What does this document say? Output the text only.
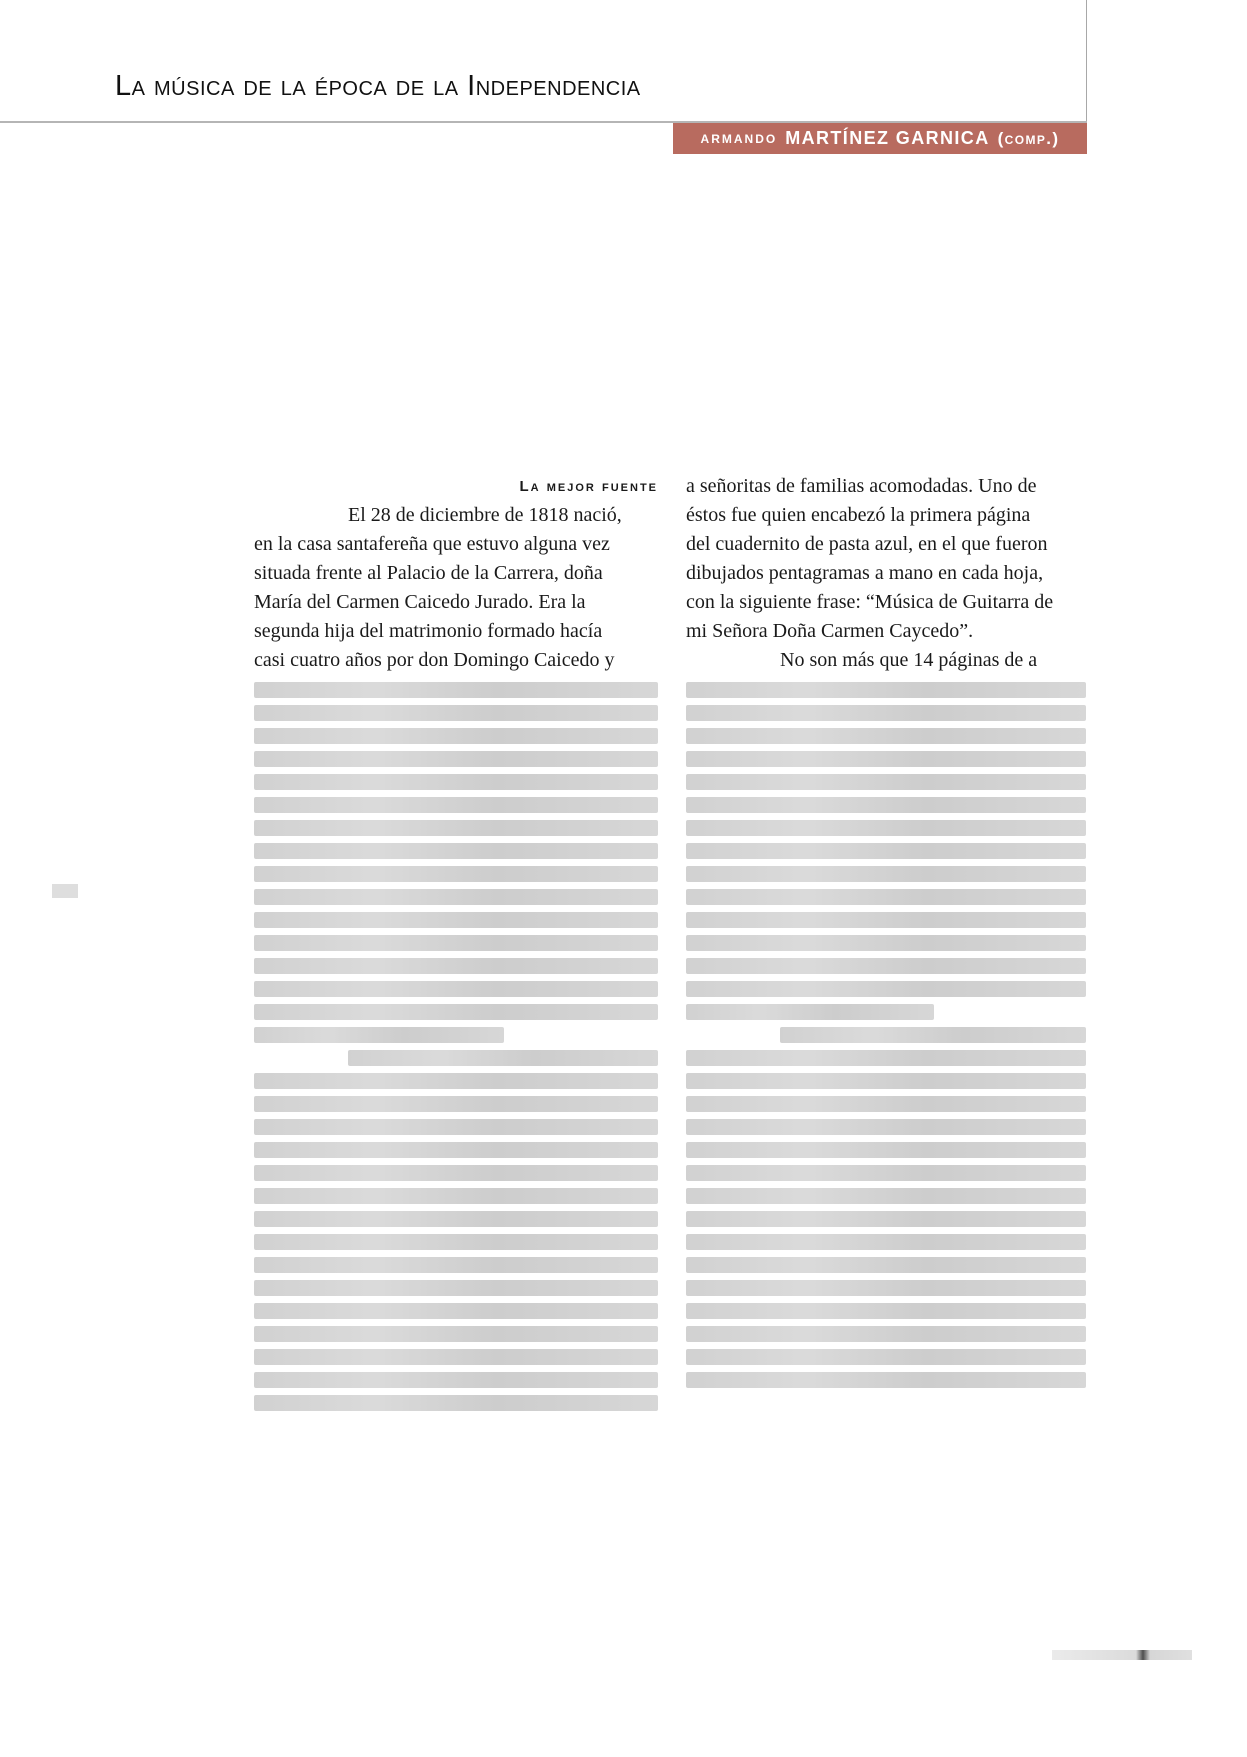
La música de la época de la Independencia
ARMANDO MARTÍNEZ GARNICA (comp.)
La mejor fuente
El 28 de diciembre de 1818 nació,
en la casa santafereña que estuvo alguna vez
situada frente al Palacio de la Carrera, doña
María del Carmen Caicedo Jurado. Era la
segunda hija del matrimonio formado hacía
casi cuatro años por don Domingo Caicedo y
a señoritas de familias acomodadas. Uno de
éstos fue quien encabezó la primera página
del cuadernito de pasta azul, en el que fueron
dibujados pentagramas a mano en cada hoja,
con la siguiente frase: “Música de Guitarra de
mi Señora Doña Carmen Caycedo”.
No son más que 14 páginas de a
